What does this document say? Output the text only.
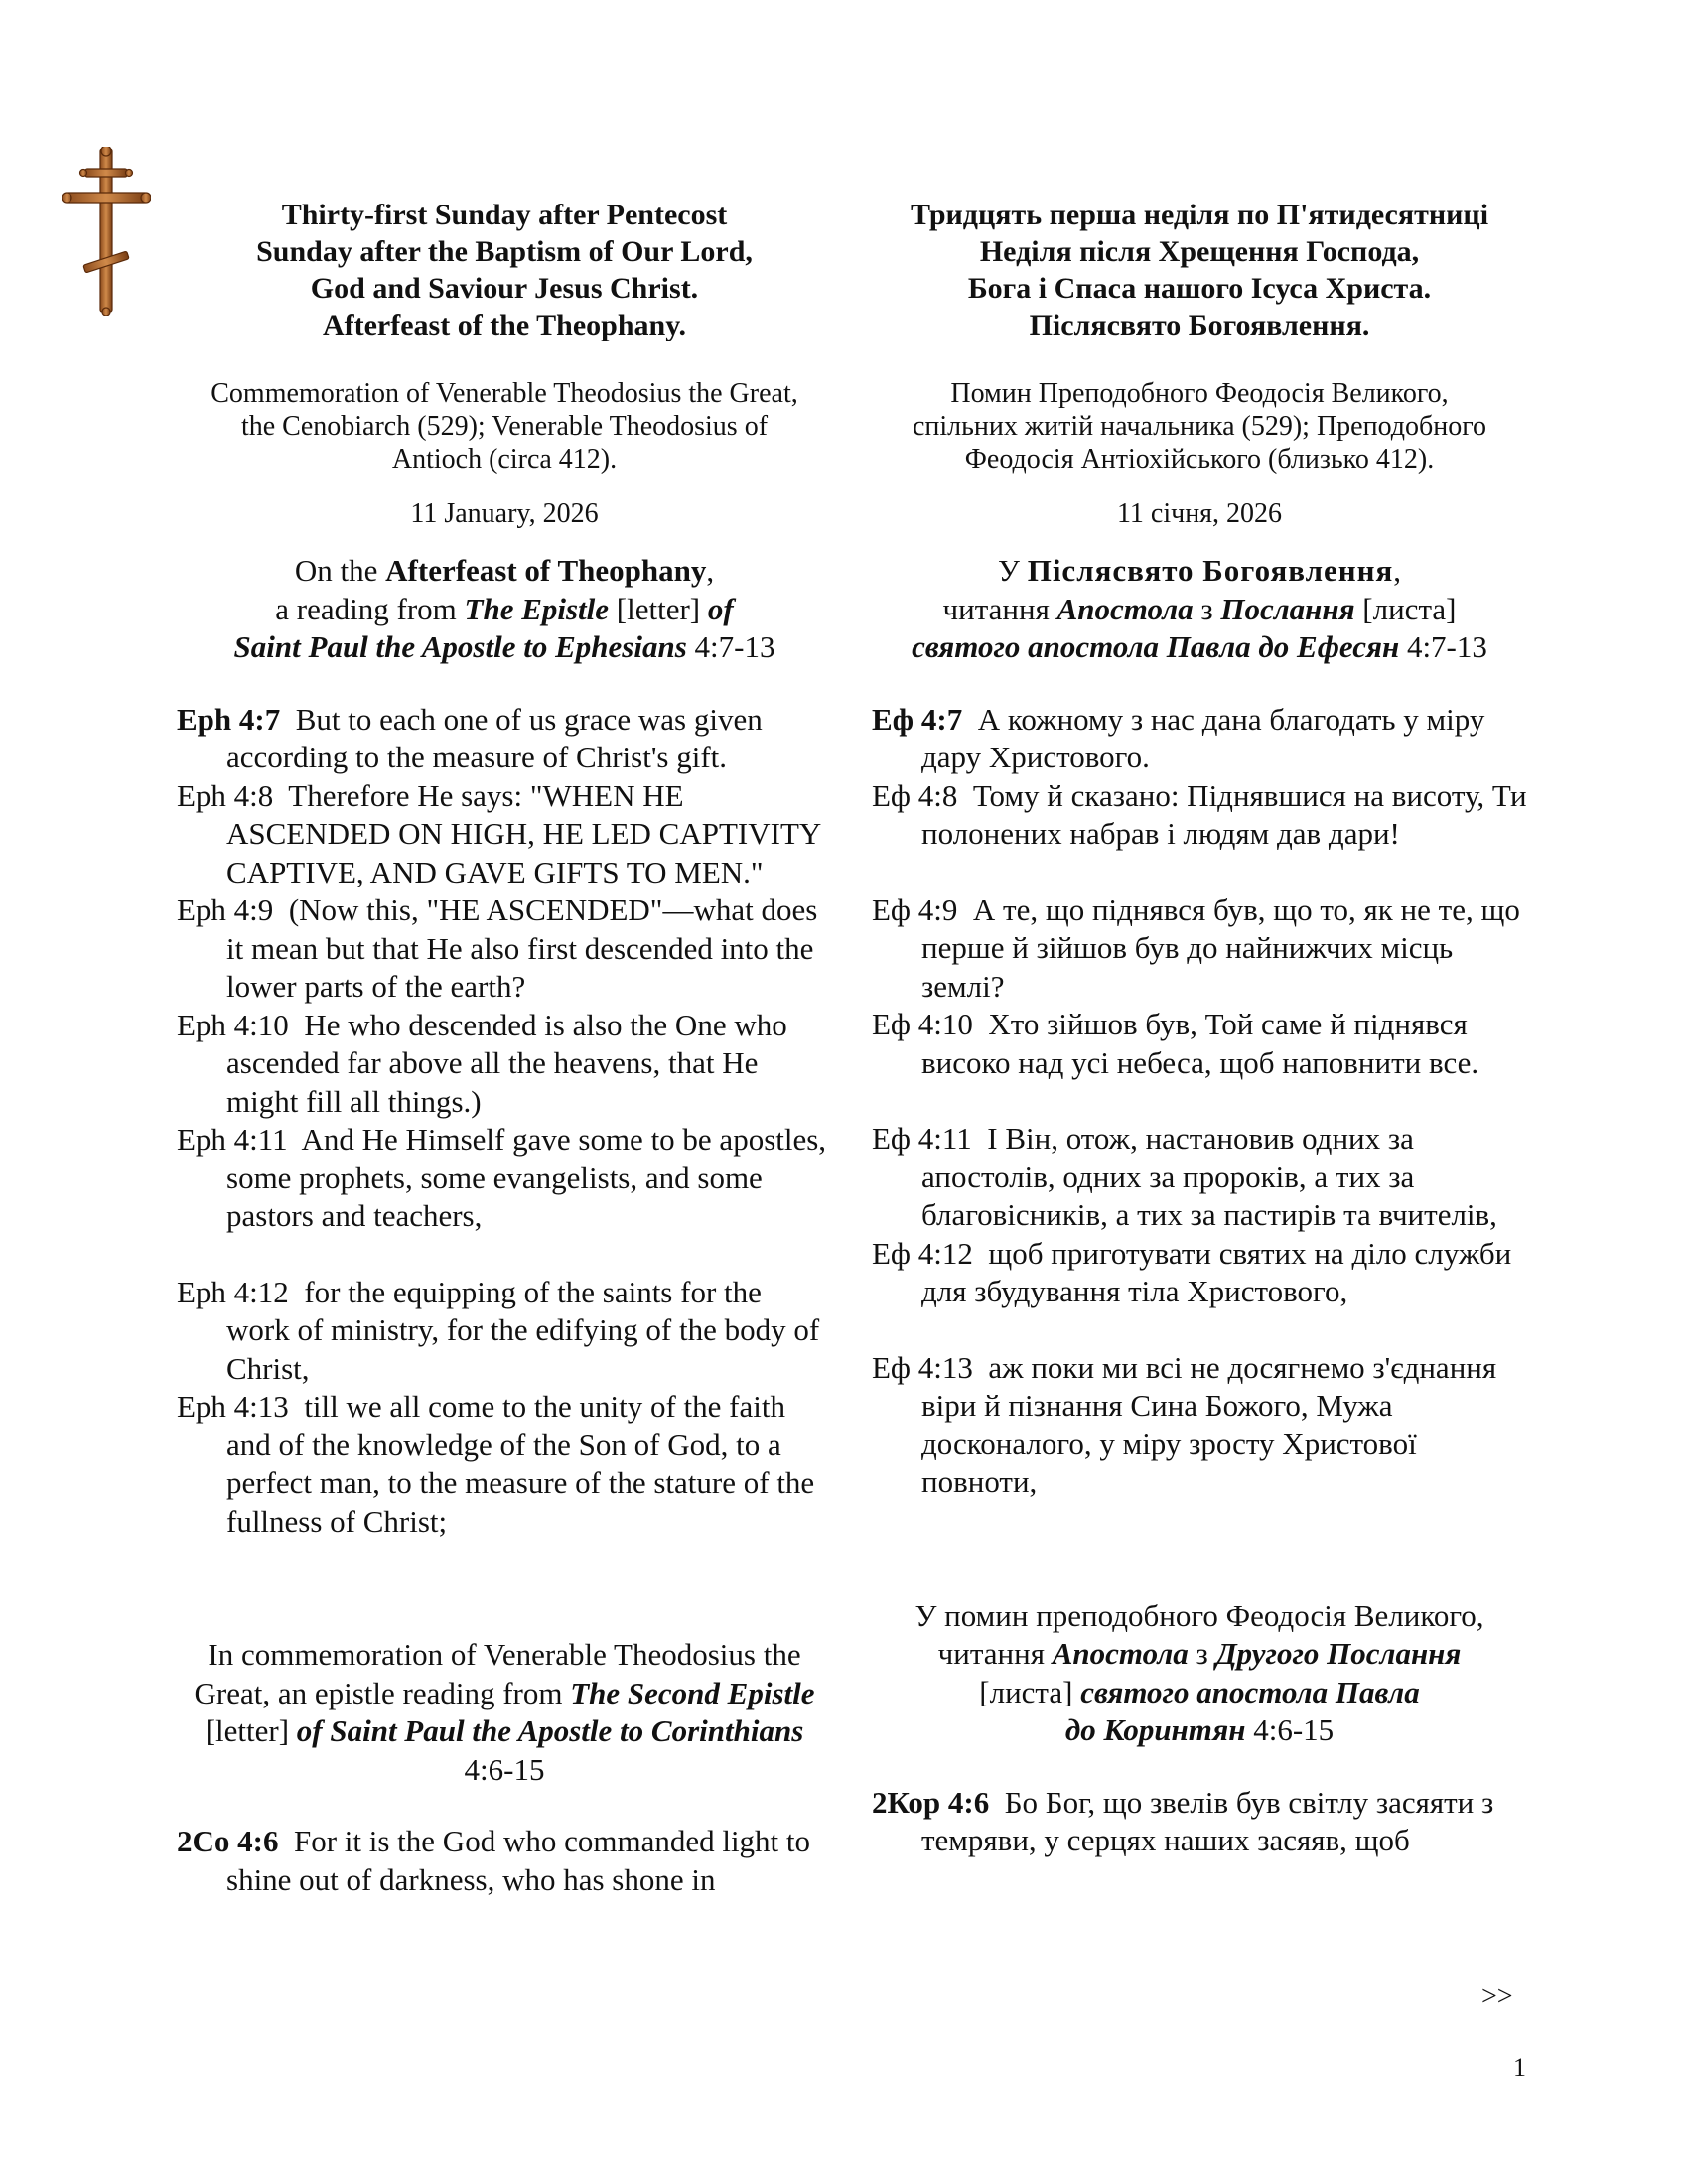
Thirty-first Sunday after Pentecost
Sunday after the Baptism of Our Lord,
God and Saviour Jesus Christ.
Afterfeast of the Theophany.
Commemoration of Venerable Theodosius the Great,
the Cenobiarch (529); Venerable Theodosius of
Antioch (circa 412).
11 January, 2026
On the Afterfeast of Theophany,
a reading from The Epistle [letter] of
Saint Paul the Apostle to Ephesians 4:7-13
Eph 4:7 But to each one of us grace was given according to the measure of Christ's gift.
Eph 4:8 Therefore He says: "WHEN HE ASCENDED ON HIGH, HE LED CAPTIVITY CAPTIVE, AND GAVE GIFTS TO MEN."
Eph 4:9 (Now this, "HE ASCENDED"—what does it mean but that He also first descended into the lower parts of the earth?
Eph 4:10 He who descended is also the One who ascended far above all the heavens, that He might fill all things.)
Eph 4:11 And He Himself gave some to be apostles, some prophets, some evangelists, and some pastors and teachers,
Eph 4:12 for the equipping of the saints for the work of ministry, for the edifying of the body of Christ,
Eph 4:13 till we all come to the unity of the faith and of the knowledge of the Son of God, to a perfect man, to the measure of the stature of the fullness of Christ;
In commemoration of Venerable Theodosius the Great, an epistle reading from The Second Epistle [letter] of Saint Paul the Apostle to Corinthians 4:6-15
2Co 4:6 For it is the God who commanded light to shine out of darkness, who has shone in
Тридцять перша неділя по П'ятидесятниці
Неділя після Хрещення Господа,
Бога і Спаса нашого Ісуса Христа.
Післясвято Богоявлення.
Помин Преподобного Феодосія Великого,
спільних житій начальника (529); Преподобного
Феодосія Антіохійського (близько 412).
11 січня, 2026
У Післясвято Богоявлення,
читання Апостола з Послання [листа]
святого апостола Павла до Ефесян 4:7-13
Еф 4:7 А кожному з нас дана благодать у міру дару Христового.
Еф 4:8 Тому й сказано: Піднявшися на висоту, Ти полонених набрав і людям дав дари!
Еф 4:9 А те, що піднявся був, що то, як не те, що перше й зійшов був до найнижчих місць землі?
Еф 4:10 Хто зійшов був, Той саме й піднявся високо над усі небеса, щоб наповнити все.
Еф 4:11 І Він, отож, настановив одних за апостолів, одних за пророків, а тих за благовісників, а тих за пастирів та вчителів,
Еф 4:12 щоб приготувати святих на діло служби для збудування тіла Христового,
Еф 4:13 аж поки ми всі не досягнемо з'єднання віри й пізнання Сина Божого, Мужа досконалого, у міру зросту Христової повноти,
У помин преподобного Феодосія Великого,
читання Апостола з Другого Послання
[листа] святого апостола Павла
до Коринтян 4:6-15
2Кор 4:6 Бо Бог, що звелів був світлу засяяти з темряви, у серцях наших засяяв, щоб
>>
1
